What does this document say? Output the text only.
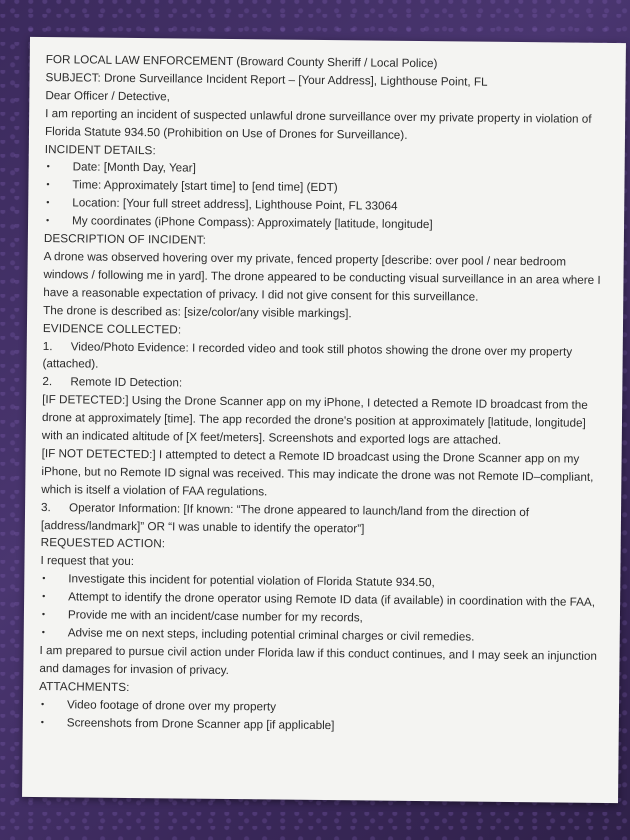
FOR LOCAL LAW ENFORCEMENT (Broward County Sheriff / Local Police)
SUBJECT: Drone Surveillance Incident Report – [Your Address], Lighthouse Point, FL
Dear Officer / Detective,
I am reporting an incident of suspected unlawful drone surveillance over my private property in violation of Florida Statute 934.50 (Prohibition on Use of Drones for Surveillance).
INCIDENT DETAILS:
• Date: [Month Day, Year]
• Time: Approximately [start time] to [end time] (EDT)
• Location: [Your full street address], Lighthouse Point, FL 33064
• My coordinates (iPhone Compass): Approximately [latitude, longitude]
DESCRIPTION OF INCIDENT:
A drone was observed hovering over my private, fenced property [describe: over pool / near bedroom windows / following me in yard]. The drone appeared to be conducting visual surveillance in an area where I have a reasonable expectation of privacy. I did not give consent for this surveillance.
The drone is described as: [size/color/any visible markings].
EVIDENCE COLLECTED:
1. Video/Photo Evidence: I recorded video and took still photos showing the drone over my property (attached).
2. Remote ID Detection:
[IF DETECTED:] Using the Drone Scanner app on my iPhone, I detected a Remote ID broadcast from the drone at approximately [time]. The app recorded the drone's position at approximately [latitude, longitude] with an indicated altitude of [X feet/meters]. Screenshots and exported logs are attached.
[IF NOT DETECTED:] I attempted to detect a Remote ID broadcast using the Drone Scanner app on my iPhone, but no Remote ID signal was received. This may indicate the drone was not Remote ID–compliant, which is itself a violation of FAA regulations.
3. Operator Information: [If known: “The drone appeared to launch/land from the direction of [address/landmark]” OR “I was unable to identify the operator”]
REQUESTED ACTION:
I request that you:
• Investigate this incident for potential violation of Florida Statute 934.50,
• Attempt to identify the drone operator using Remote ID data (if available) in coordination with the FAA,
• Provide me with an incident/case number for my records,
• Advise me on next steps, including potential criminal charges or civil remedies.
I am prepared to pursue civil action under Florida law if this conduct continues, and I may seek an injunction and damages for invasion of privacy.
ATTACHMENTS:
• Video footage of drone over my property
• Screenshots from Drone Scanner app [if applicable]
